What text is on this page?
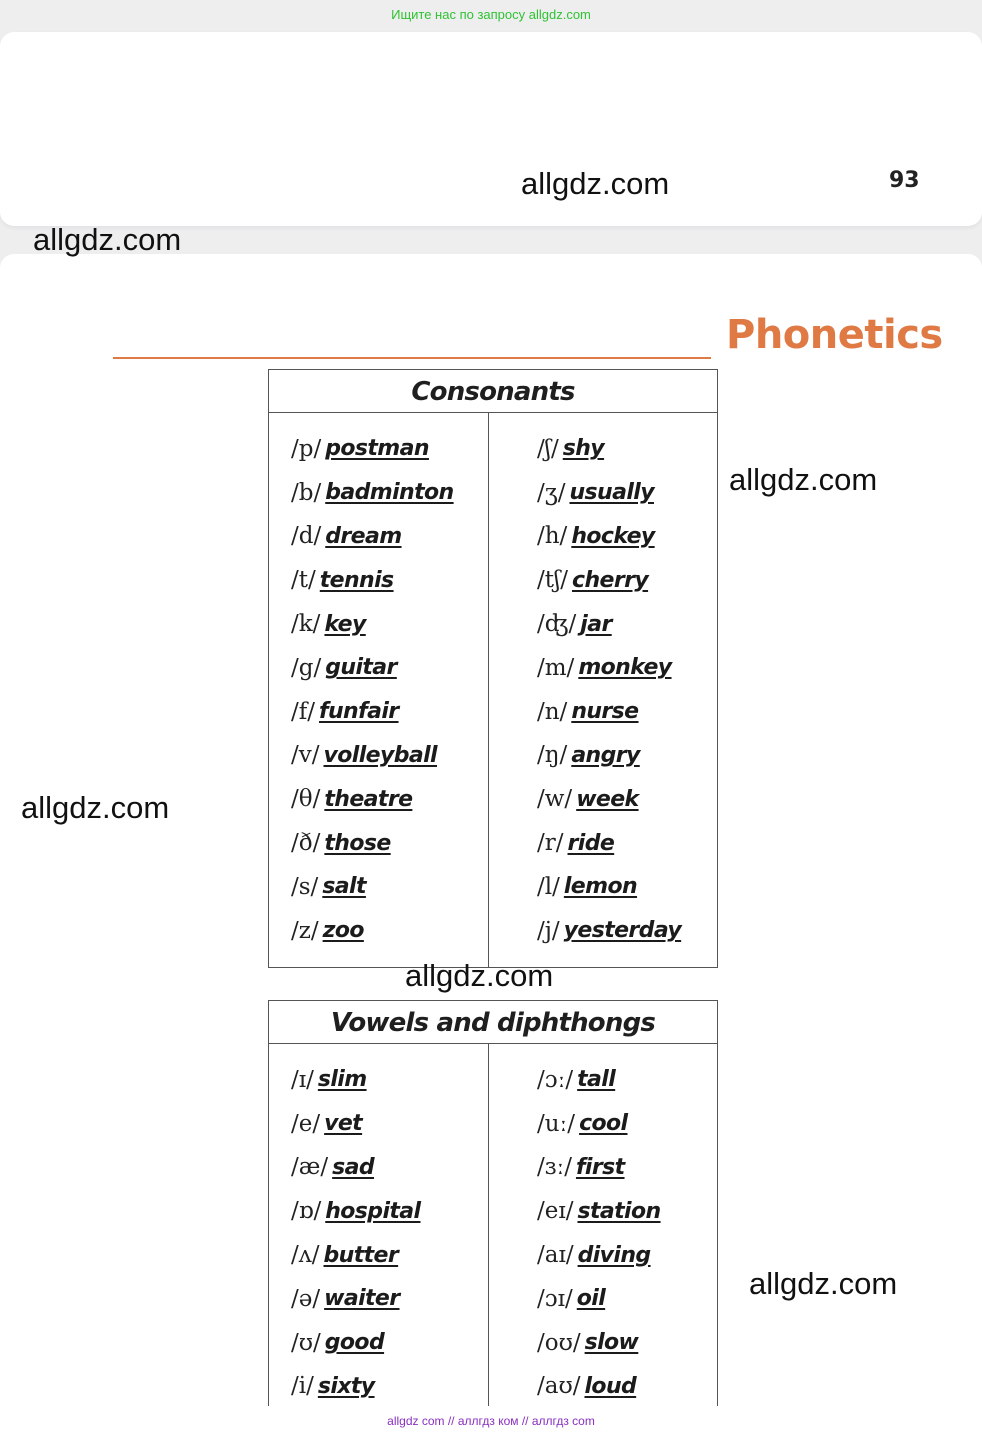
Ищите нас по запросу allgdz.com
93
allgdz.com
allgdz.com
Phonetics
Consonants
/p/ postman
/b/ badminton
/d/ dream
/t/ tennis
/k/ key
/g/ guitar
/f/ funfair
/v/ volleyball
/θ/ theatre
/ð/ those
/s/ salt
/z/ zoo
/ʃ/ shy
/ʒ/ usually
/h/ hockey
/tʃ/ cherry
/ʤ/ jar
/m/ monkey
/n/ nurse
/ŋ/ angry
/w/ week
/r/ ride
/l/ lemon
/j/ yesterday
Vowels and diphthongs
/ɪ/ slim
/e/ vet
/æ/ sad
/ɒ/ hospital
/ʌ/ butter
/ə/ waiter
/ʊ/ good
/i/ sixty
/ɔː/ tall
/uː/ cool
/ɜː/ first
/eɪ/ station
/aɪ/ diving
/ɔɪ/ oil
/oʊ/ slow
/aʊ/ loud
allgdz.com
allgdz.com
allgdz.com
allgdz.com
allgdz com // аллгдз ком // аллгдз com
